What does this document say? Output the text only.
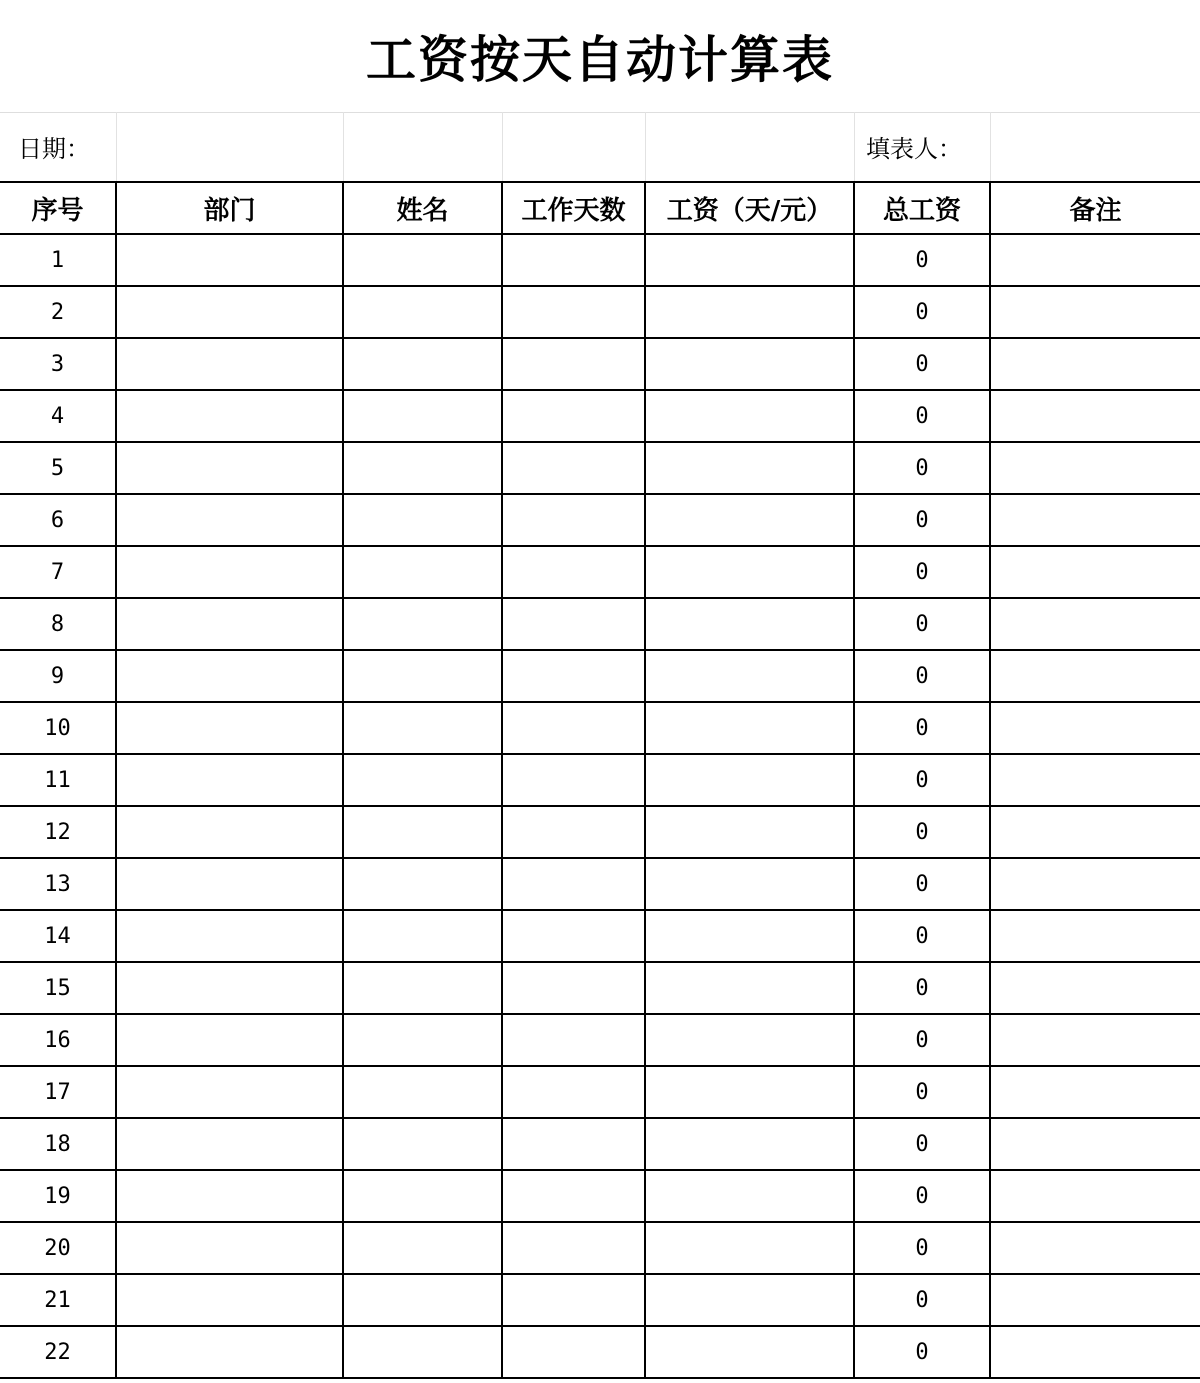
工资按天自动计算表
日期：	填表人：
序号	部门	姓名	工作天数	工资（天/元）	总工资	备注
1					0	
2					0	
3					0	
4					0	
5					0	
6					0	
7					0	
8					0	
9					0	
10					0	
11					0	
12					0	
13					0	
14					0	
15					0	
16					0	
17					0	
18					0	
19					0	
20					0	
21					0	
22					0	
